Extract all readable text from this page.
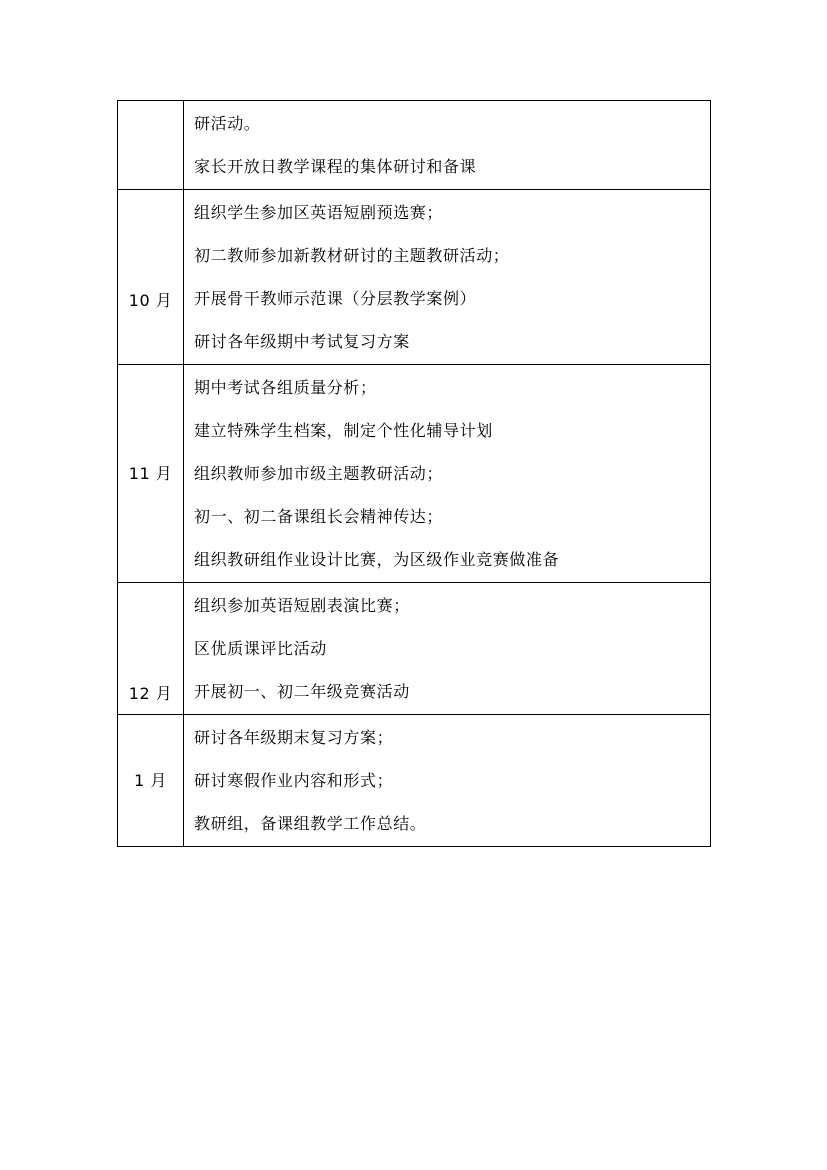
	研活动。
家长开放日教学课程的集体研讨和备课

10 月	组织学生参加区英语短剧预选赛；
初二教师参加新教材研讨的主题教研活动；
开展骨干教师示范课（分层教学案例）
研讨各年级期中考试复习方案

11 月	期中考试各组质量分析；
建立特殊学生档案，制定个性化辅导计划
组织教师参加市级主题教研活动；
初一、初二备课组长会精神传达；
组织教研组作业设计比赛，为区级作业竞赛做准备

12 月	组织参加英语短剧表演比赛；
区优质课评比活动
开展初一、初二年级竞赛活动

1 月	研讨各年级期末复习方案；
研讨寒假作业内容和形式；
教研组，备课组教学工作总结。
